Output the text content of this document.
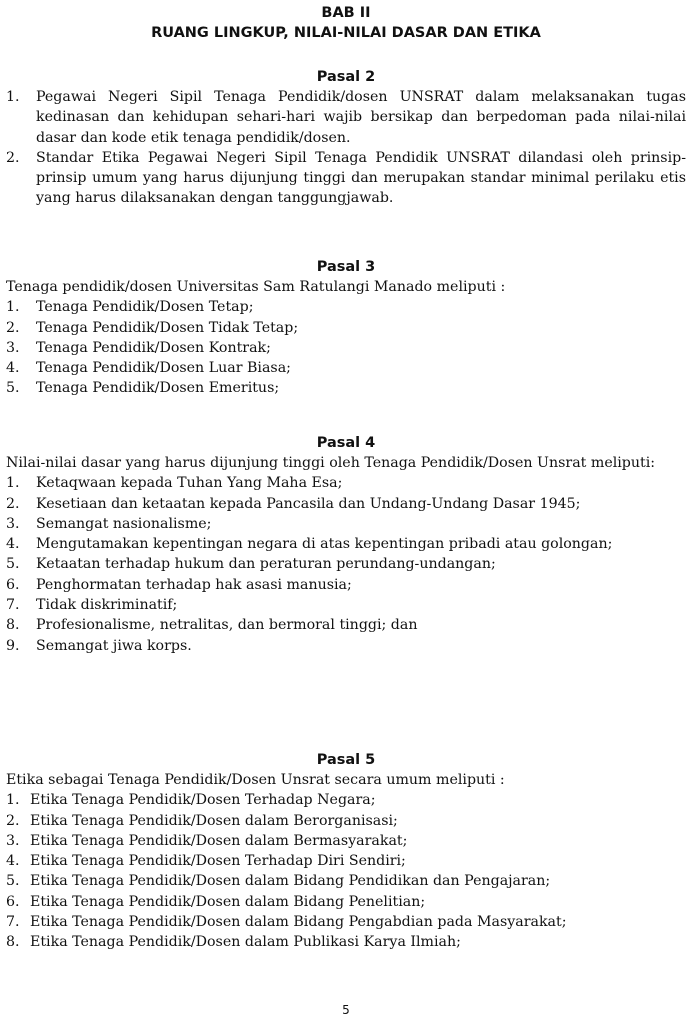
BAB II
RUANG LINGKUP, NILAI-NILAI DASAR DAN ETIKA
Pasal 2
1. Pegawai Negeri Sipil Tenaga Pendidik/dosen UNSRAT dalam melaksanakan tugas kedinasan dan kehidupan sehari-hari wajib bersikap dan berpedoman pada nilai-nilai dasar dan kode etik tenaga pendidik/dosen.
2. Standar Etika Pegawai Negeri Sipil Tenaga Pendidik UNSRAT dilandasi oleh prinsip-prinsip umum yang harus dijunjung tinggi dan merupakan standar minimal perilaku etis yang harus dilaksanakan dengan tanggungjawab.
Pasal 3
Tenaga pendidik/dosen Universitas Sam Ratulangi Manado meliputi :
1. Tenaga Pendidik/Dosen Tetap;
2. Tenaga Pendidik/Dosen Tidak Tetap;
3. Tenaga Pendidik/Dosen Kontrak;
4. Tenaga Pendidik/Dosen Luar Biasa;
5. Tenaga Pendidik/Dosen Emeritus;
Pasal 4
Nilai-nilai dasar yang harus dijunjung tinggi oleh Tenaga Pendidik/Dosen Unsrat meliputi:
1. Ketaqwaan kepada Tuhan Yang Maha Esa;
2. Kesetiaan dan ketaatan kepada Pancasila dan Undang-Undang Dasar 1945;
3. Semangat nasionalisme;
4. Mengutamakan kepentingan negara di atas kepentingan pribadi atau golongan;
5. Ketaatan terhadap hukum dan peraturan perundang-undangan;
6. Penghormatan terhadap hak asasi manusia;
7. Tidak diskriminatif;
8. Profesionalisme, netralitas, dan bermoral tinggi; dan
9. Semangat jiwa korps.
Pasal 5
Etika sebagai Tenaga Pendidik/Dosen Unsrat secara umum meliputi :
1. Etika Tenaga Pendidik/Dosen Terhadap Negara;
2. Etika Tenaga Pendidik/Dosen dalam Berorganisasi;
3. Etika Tenaga Pendidik/Dosen dalam Bermasyarakat;
4. Etika Tenaga Pendidik/Dosen Terhadap Diri Sendiri;
5. Etika Tenaga Pendidik/Dosen dalam Bidang Pendidikan dan Pengajaran;
6. Etika Tenaga Pendidik/Dosen dalam Bidang Penelitian;
7. Etika Tenaga Pendidik/Dosen dalam Bidang Pengabdian pada Masyarakat;
8. Etika Tenaga Pendidik/Dosen dalam Publikasi Karya Ilmiah;
5
